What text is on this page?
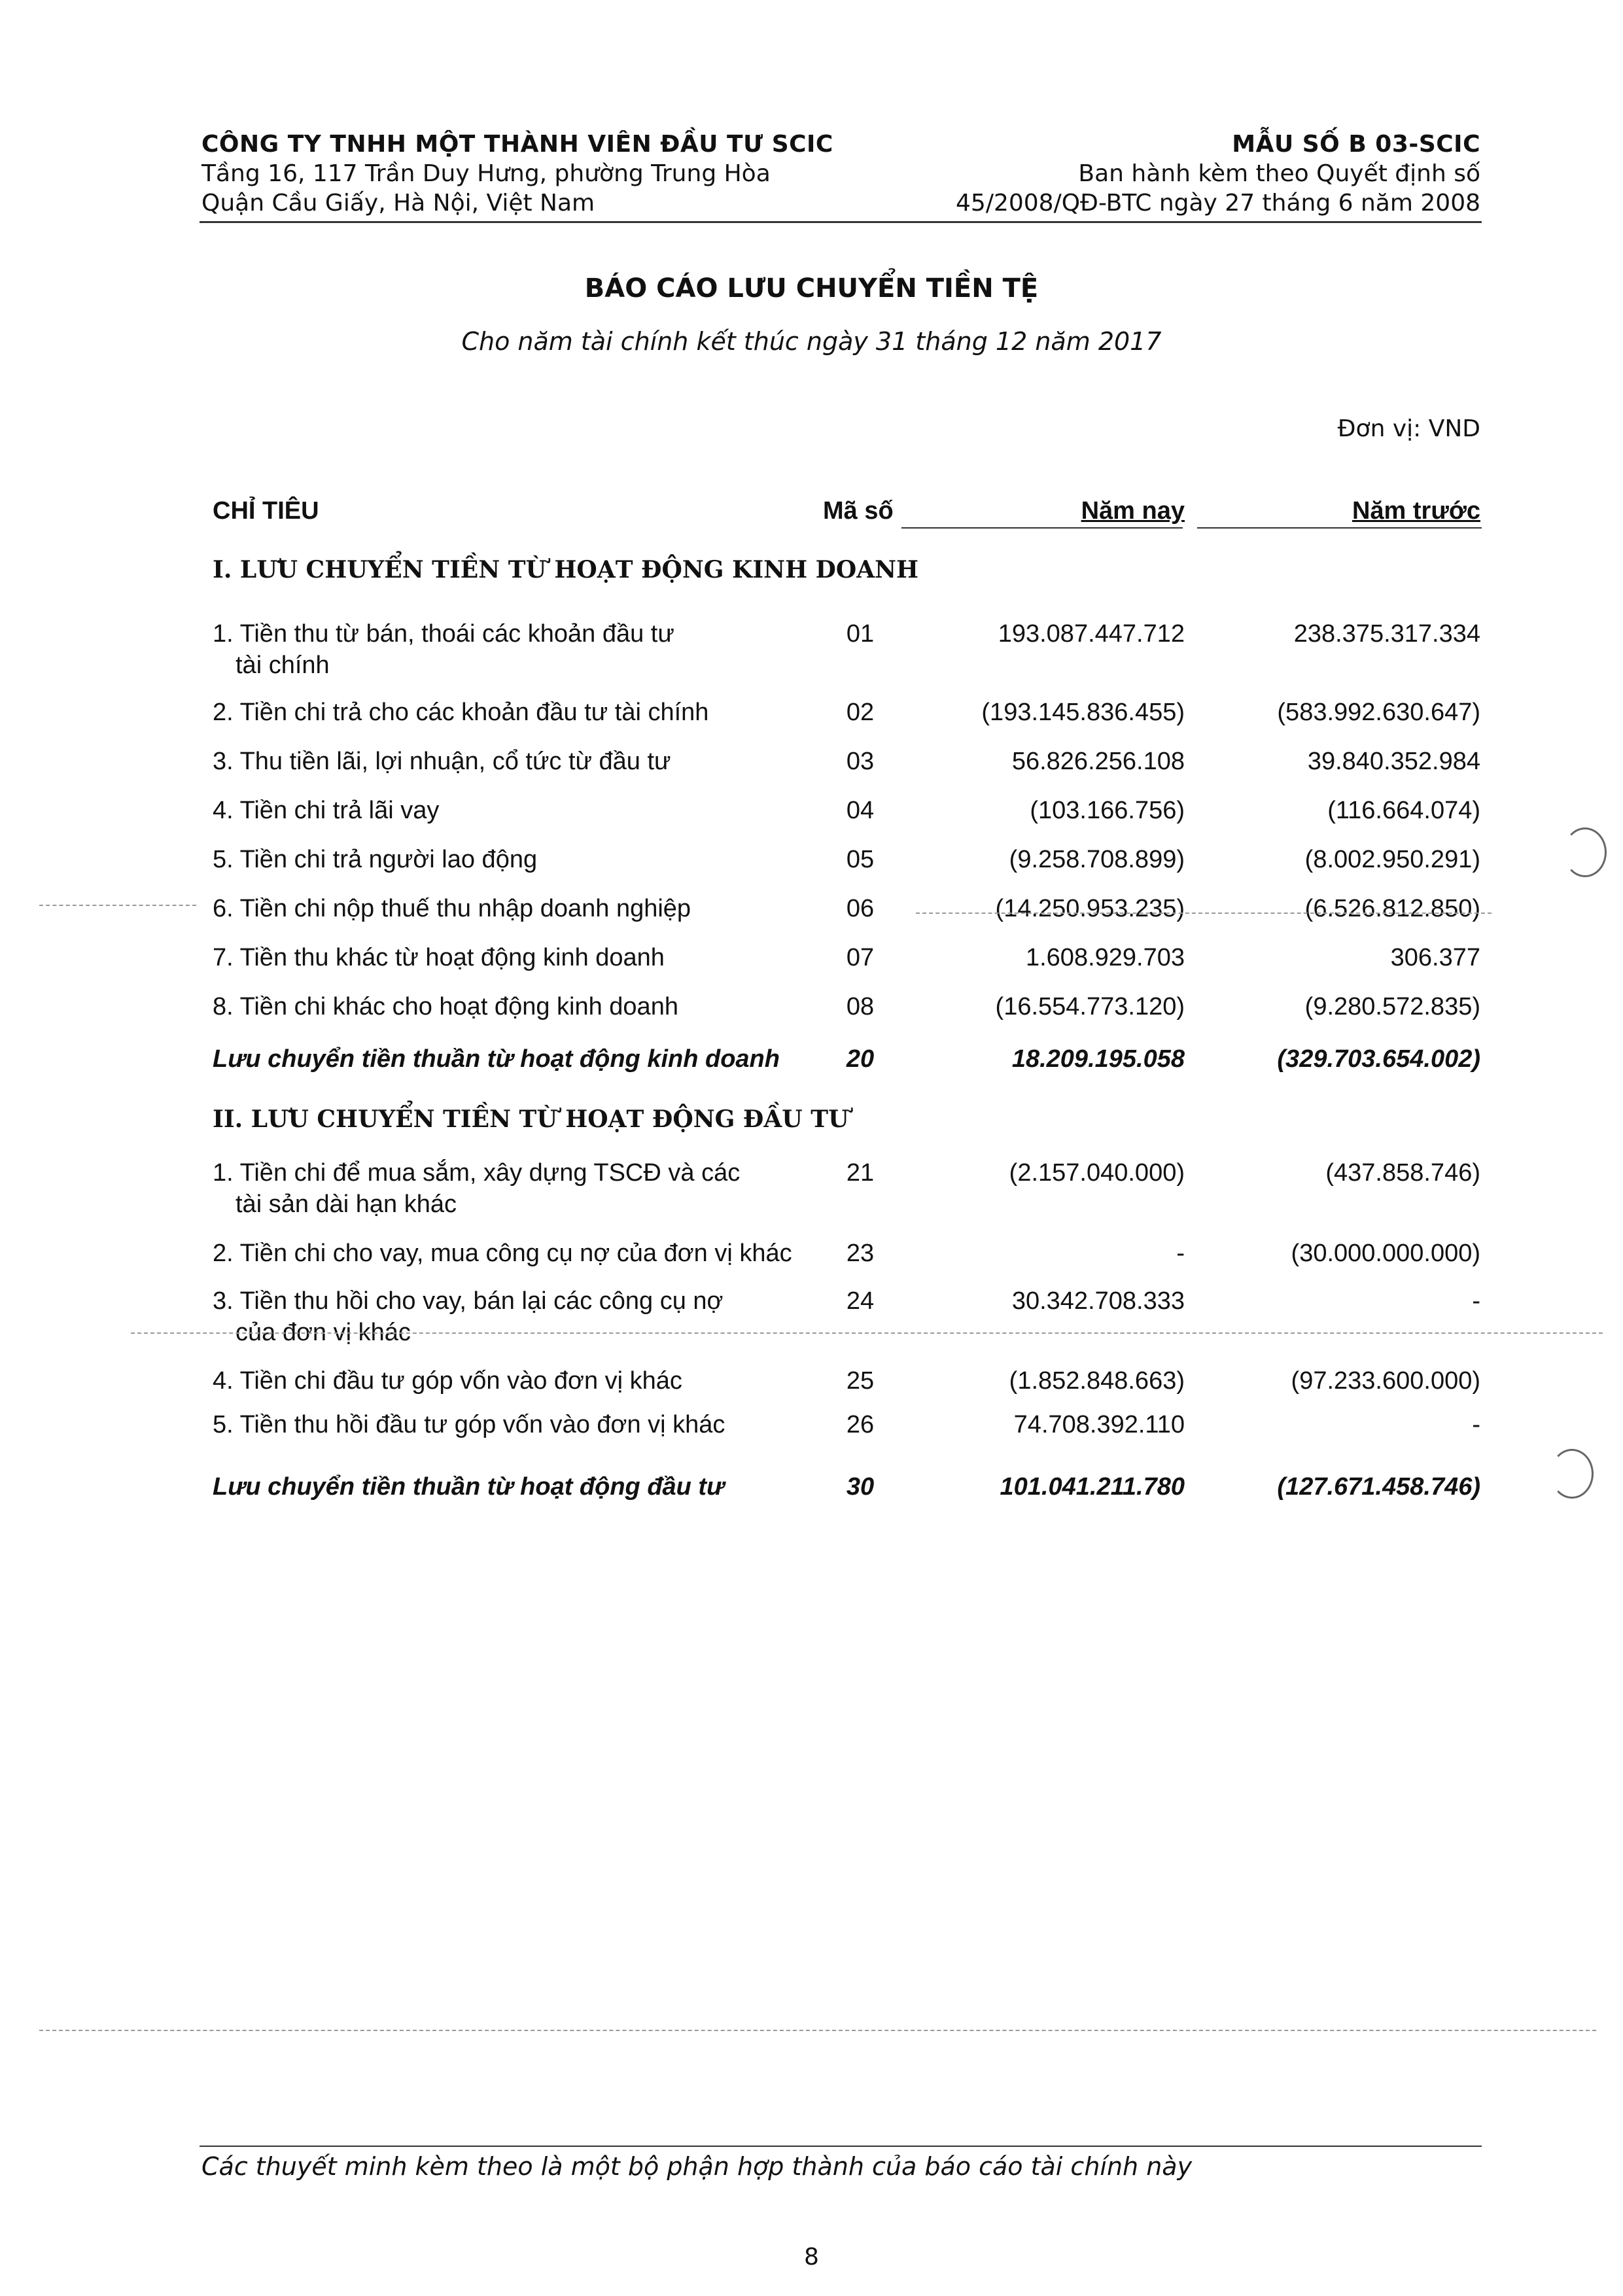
CÔNG TY TNHH MỘT THÀNH VIÊN ĐẦU TƯ SCIC
Tầng 16, 117 Trần Duy Hưng, phường Trung Hòa
Quận Cầu Giấy, Hà Nội, Việt Nam
MẪU SỐ B 03-SCIC
Ban hành kèm theo Quyết định số
45/2008/QĐ-BTC ngày 27 tháng 6 năm 2008
BÁO CÁO LƯU CHUYỂN TIỀN TỆ
Cho năm tài chính kết thúc ngày 31 tháng 12 năm 2017
Đơn vị: VND
CHỈ TIÊU	Mã số	Năm nay	Năm trước
I. LƯU CHUYỂN TIỀN TỪ HOẠT ĐỘNG KINH DOANH
1. Tiền thu từ bán, thoái các khoản đầu tư
tài chính
01	193.087.447.712	238.375.317.334
2. Tiền chi trả cho các khoản đầu tư tài chính	02	(193.145.836.455)	(583.992.630.647)
3. Thu tiền lãi, lợi nhuận, cổ tức từ đầu tư	03	56.826.256.108	39.840.352.984
4. Tiền chi trả lãi vay	04	(103.166.756)	(116.664.074)
5. Tiền chi trả người lao động	05	(9.258.708.899)	(8.002.950.291)
6. Tiền chi nộp thuế thu nhập doanh nghiệp	06	(14.250.953.235)	(6.526.812.850)
7. Tiền thu khác từ hoạt động kinh doanh	07	1.608.929.703	306.377
8. Tiền chi khác cho hoạt động kinh doanh	08	(16.554.773.120)	(9.280.572.835)
Lưu chuyển tiền thuần từ hoạt động kinh doanh	20	18.209.195.058	(329.703.654.002)
II. LƯU CHUYỂN TIỀN TỪ HOẠT ĐỘNG ĐẦU TƯ
1. Tiền chi để mua sắm, xây dựng TSCĐ và các
tài sản dài hạn khác
21	(2.157.040.000)	(437.858.746)
2. Tiền chi cho vay, mua công cụ nợ của đơn vị khác	23	-	(30.000.000.000)
3. Tiền thu hồi cho vay, bán lại các công cụ nợ
của đơn vị khác
24	30.342.708.333	-
4. Tiền chi đầu tư góp vốn vào đơn vị khác	25	(1.852.848.663)	(97.233.600.000)
5. Tiền thu hồi đầu tư góp vốn vào đơn vị khác	26	74.708.392.110	-
Lưu chuyển tiền thuần từ hoạt động đầu tư	30	101.041.211.780	(127.671.458.746)
Các thuyết minh kèm theo là một bộ phận hợp thành của báo cáo tài chính này
8
